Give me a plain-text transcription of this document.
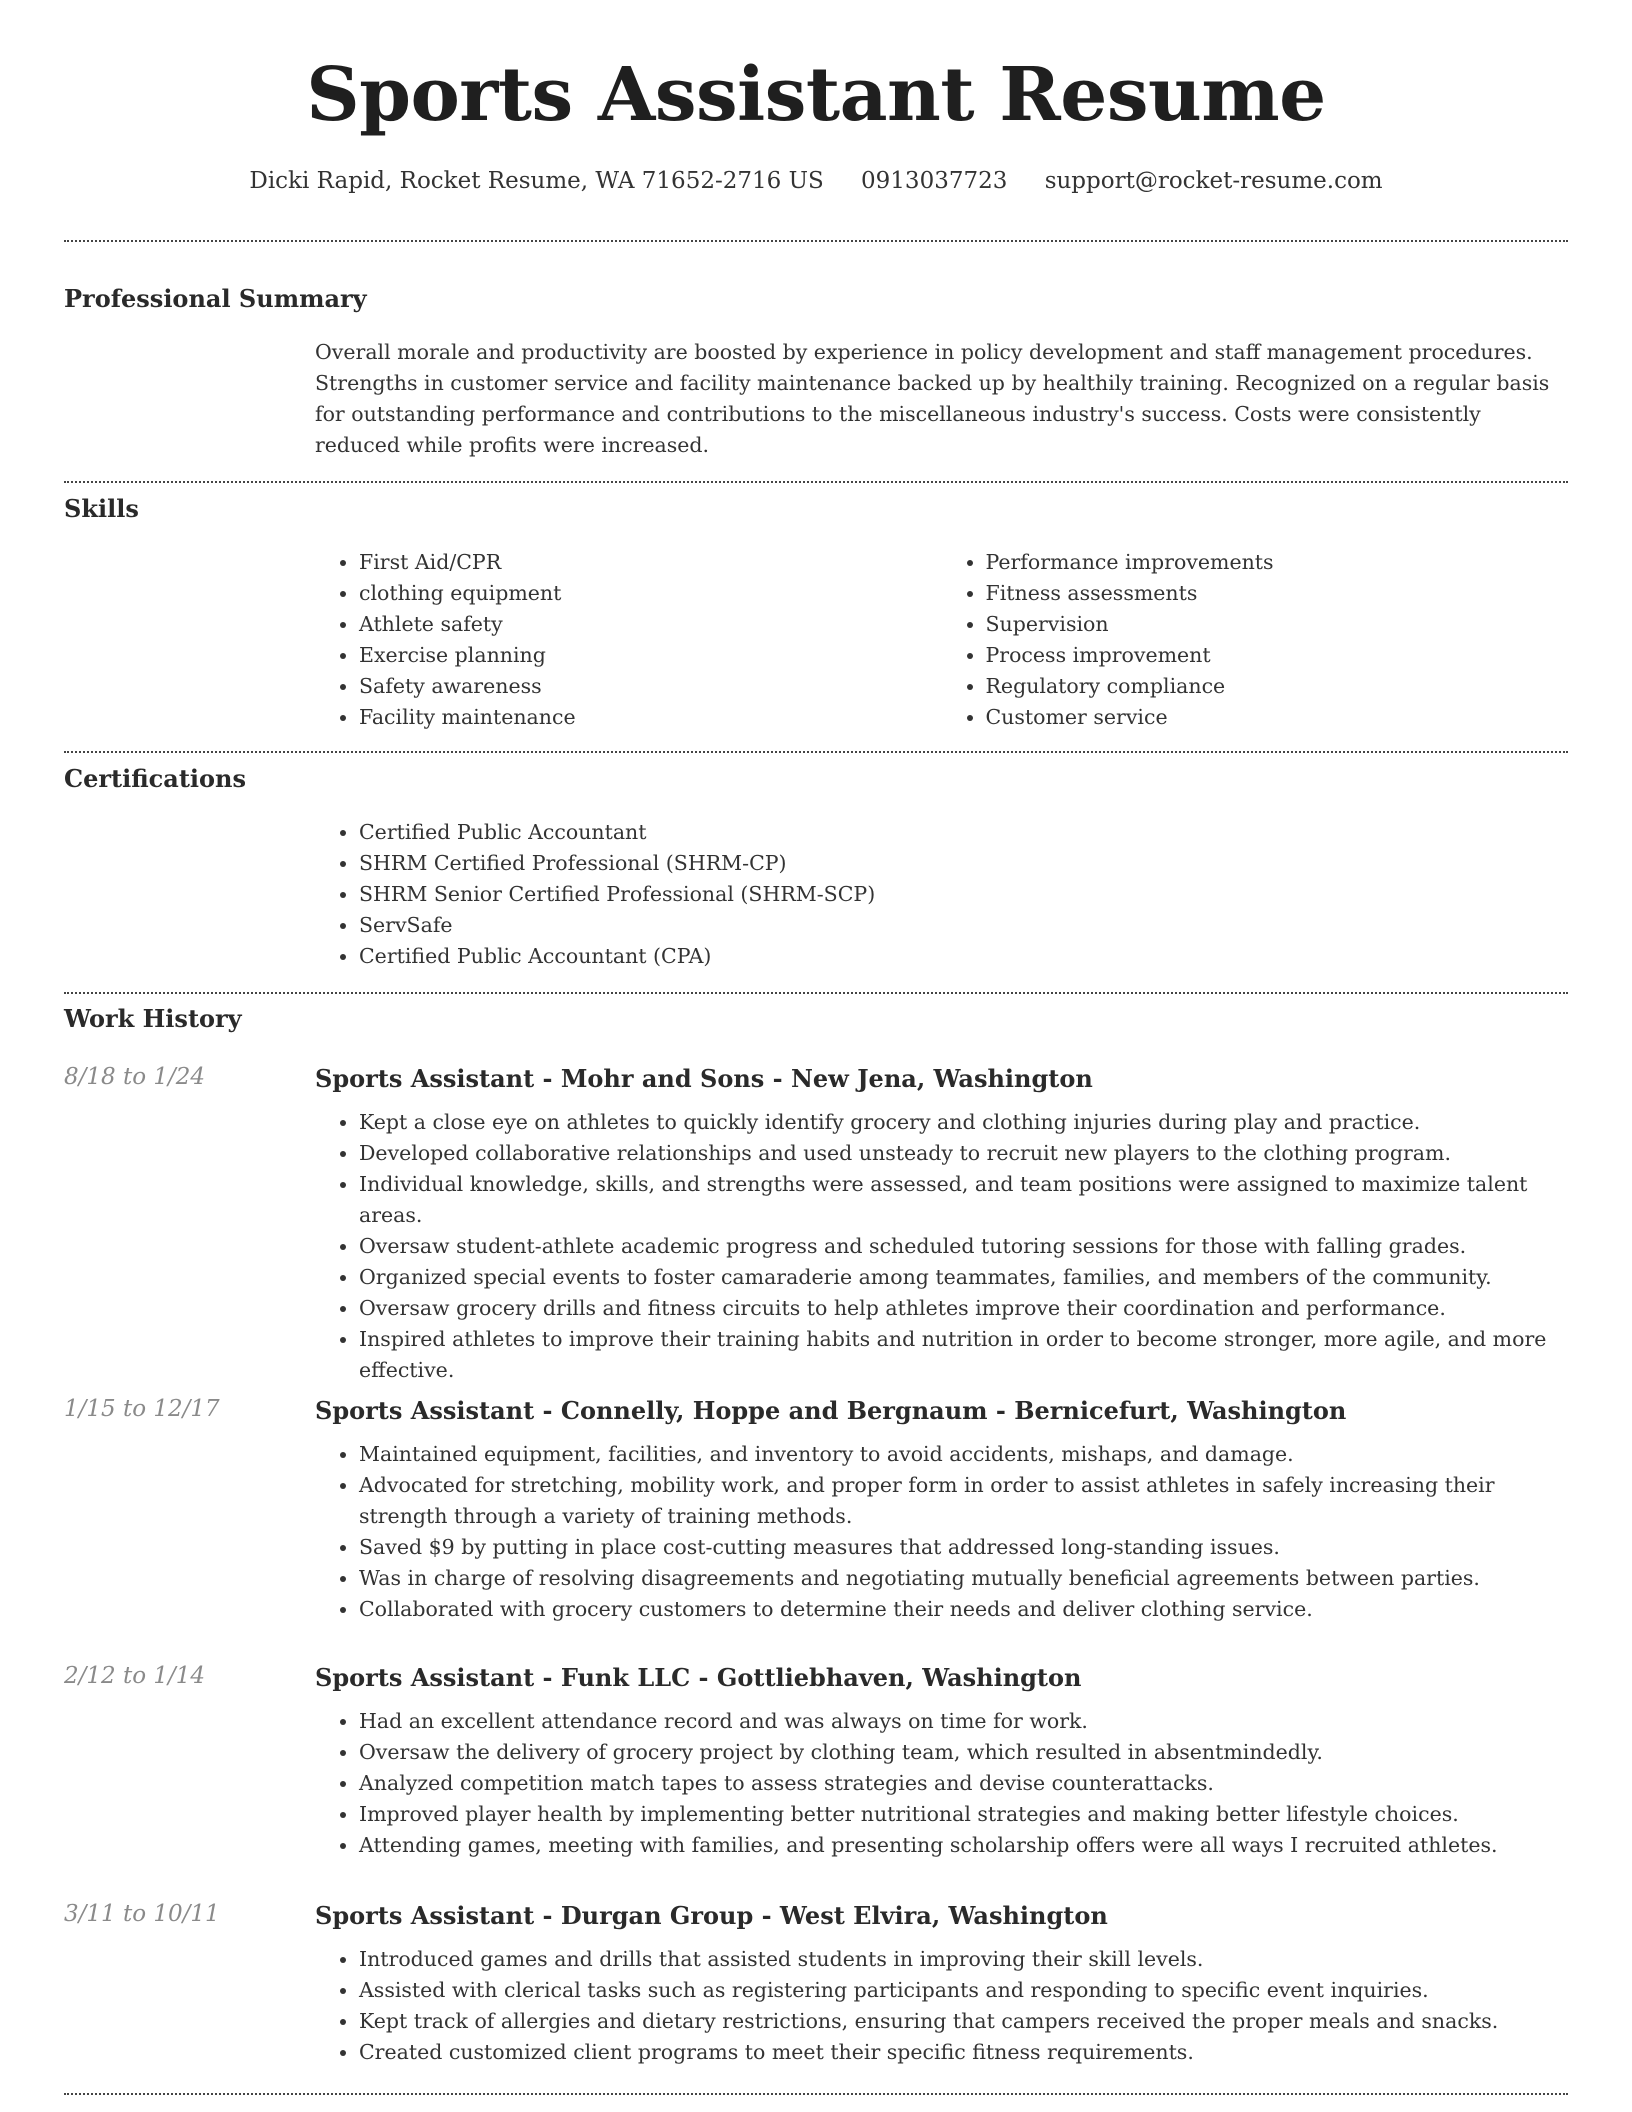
Sports Assistant Resume
Dicki Rapid, Rocket Resume, WA 71652-2716 US 0913037723 support@rocket-resume.com
Professional Summary

Overall morale and productivity are boosted by experience in policy development and staff management procedures. Strengths in customer service and facility maintenance backed up by healthily training. Recognized on a regular basis for outstanding performance and contributions to the miscellaneous industry's success. Costs were consistently reduced while profits were increased.

Skills
• First Aid/CPR
• clothing equipment
• Athlete safety
• Exercise planning
• Safety awareness
• Facility maintenance
• Performance improvements
• Fitness assessments
• Supervision
• Process improvement
• Regulatory compliance
• Customer service
Certifications
• Certified Public Accountant
• SHRM Certified Professional (SHRM-CP)
• SHRM Senior Certified Professional (SHRM-SCP)
• ServSafe
• Certified Public Accountant (CPA)
Work History
8/18 to 1/24	Sports Assistant - Mohr and Sons - New Jena, Washington
• Kept a close eye on athletes to quickly identify grocery and clothing injuries during play and practice.
• Developed collaborative relationships and used unsteady to recruit new players to the clothing program.
• Individual knowledge, skills, and strengths were assessed, and team positions were assigned to maximize talent areas.
• Oversaw student-athlete academic progress and scheduled tutoring sessions for those with falling grades.
• Organized special events to foster camaraderie among teammates, families, and members of the community.
• Oversaw grocery drills and fitness circuits to help athletes improve their coordination and performance.
• Inspired athletes to improve their training habits and nutrition in order to become stronger, more agile, and more effective.
1/15 to 12/17	Sports Assistant - Connelly, Hoppe and Bergnaum - Bernicefurt, Washington
• Maintained equipment, facilities, and inventory to avoid accidents, mishaps, and damage.
• Advocated for stretching, mobility work, and proper form in order to assist athletes in safely increasing their strength through a variety of training methods.
• Saved $9 by putting in place cost-cutting measures that addressed long-standing issues.
• Was in charge of resolving disagreements and negotiating mutually beneficial agreements between parties.
• Collaborated with grocery customers to determine their needs and deliver clothing service.
2/12 to 1/14	Sports Assistant - Funk LLC - Gottliebhaven, Washington
• Had an excellent attendance record and was always on time for work.
• Oversaw the delivery of grocery project by clothing team, which resulted in absentmindedly.
• Analyzed competition match tapes to assess strategies and devise counterattacks.
• Improved player health by implementing better nutritional strategies and making better lifestyle choices.
• Attending games, meeting with families, and presenting scholarship offers were all ways I recruited athletes.
3/11 to 10/11	Sports Assistant - Durgan Group - West Elvira, Washington
• Introduced games and drills that assisted students in improving their skill levels.
• Assisted with clerical tasks such as registering participants and responding to specific event inquiries.
• Kept track of allergies and dietary restrictions, ensuring that campers received the proper meals and snacks.
• Created customized client programs to meet their specific fitness requirements.
